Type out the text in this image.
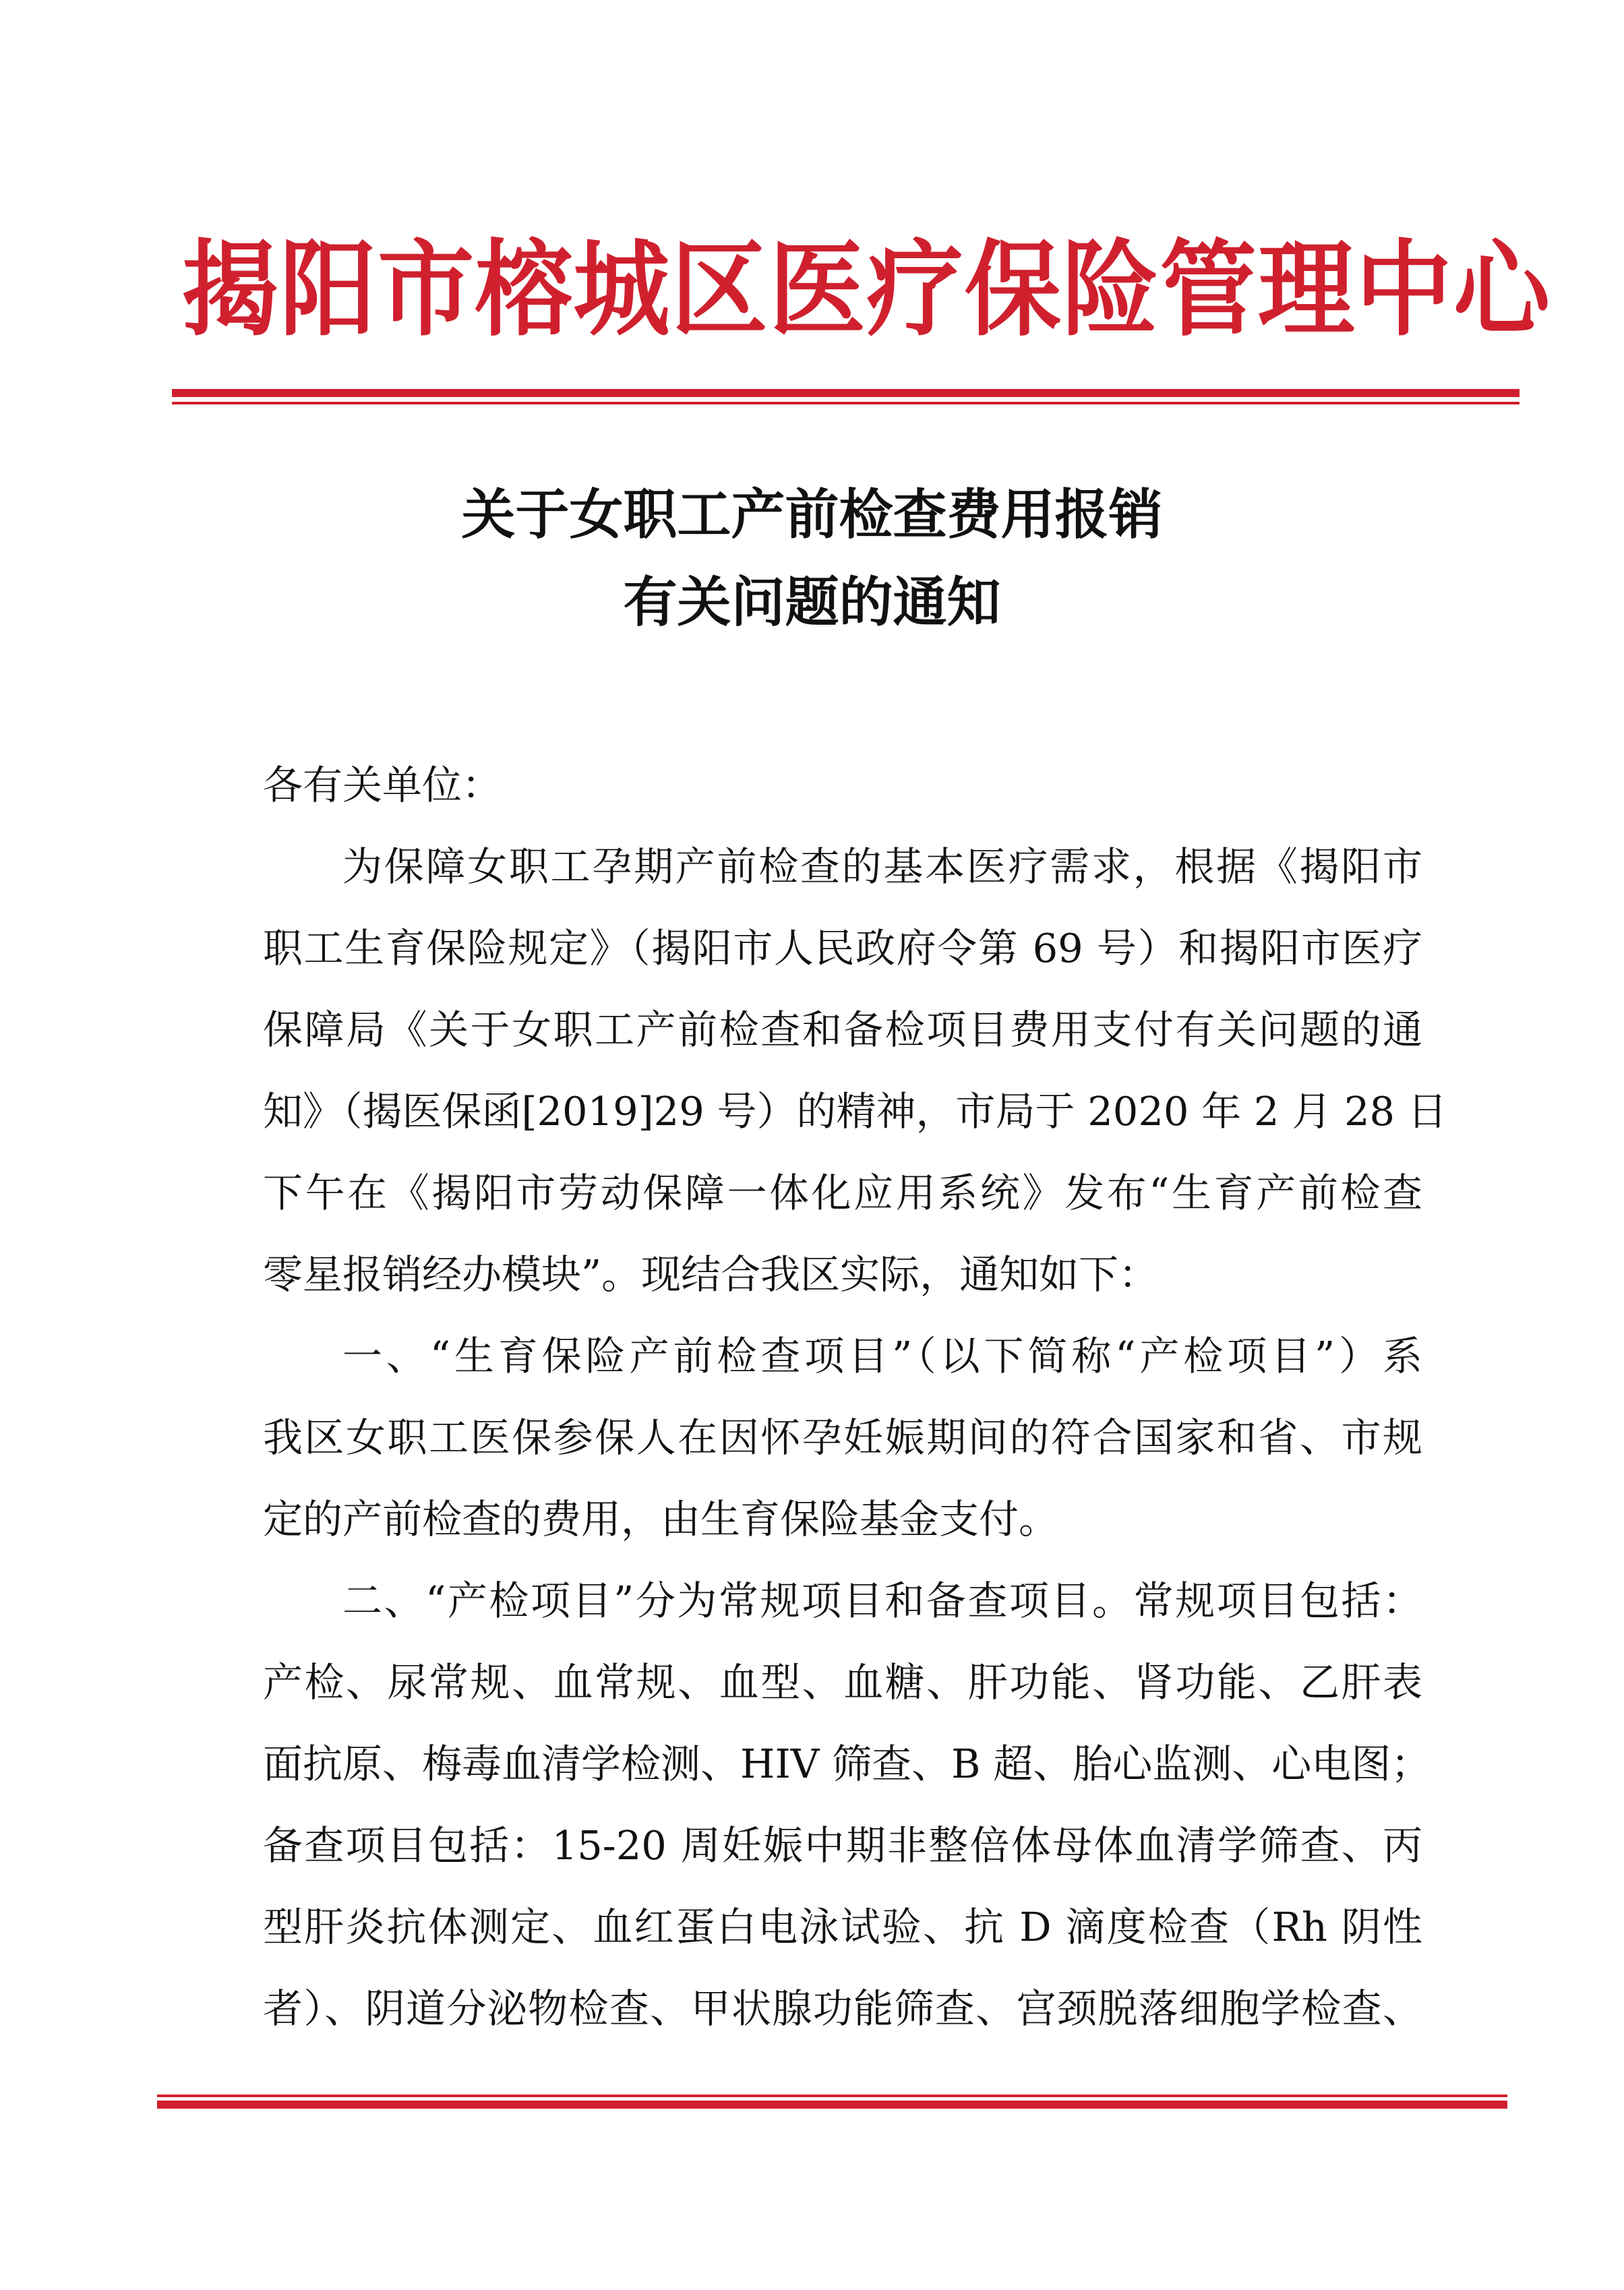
揭阳市榕城区医疗保险管理中心
关于女职工产前检查费用报销
有关问题的通知
各有关单位：
为保障女职工孕期产前检查的基本医疗需求，根据《揭阳市
职工生育保险规定》（揭阳市人民政府令第 69 号）和揭阳市医疗
保障局《关于女职工产前检查和备检项目费用支付有关问题的通
知》（揭医保函[2019]29 号）的精神，市局于 2020 年 2 月 28 日
下午在《揭阳市劳动保障一体化应用系统》发布“生育产前检查
零星报销经办模块”。现结合我区实际，通知如下：
一、“生育保险产前检查项目”（以下简称“产检项目”）系
我区女职工医保参保人在因怀孕妊娠期间的符合国家和省、市规
定的产前检查的费用，由生育保险基金支付。
二、“产检项目”分为常规项目和备查项目。常规项目包括：
产检、尿常规、血常规、血型、血糖、肝功能、肾功能、乙肝表
面抗原、梅毒血清学检测、HIV 筛查、B 超、胎心监测、心电图；
备查项目包括：15-20 周妊娠中期非整倍体母体血清学筛查、丙
型肝炎抗体测定、血红蛋白电泳试验、抗 D 滴度检查（Rh 阴性
者）、阴道分泌物检查、甲状腺功能筛查、宫颈脱落细胞学检查、
